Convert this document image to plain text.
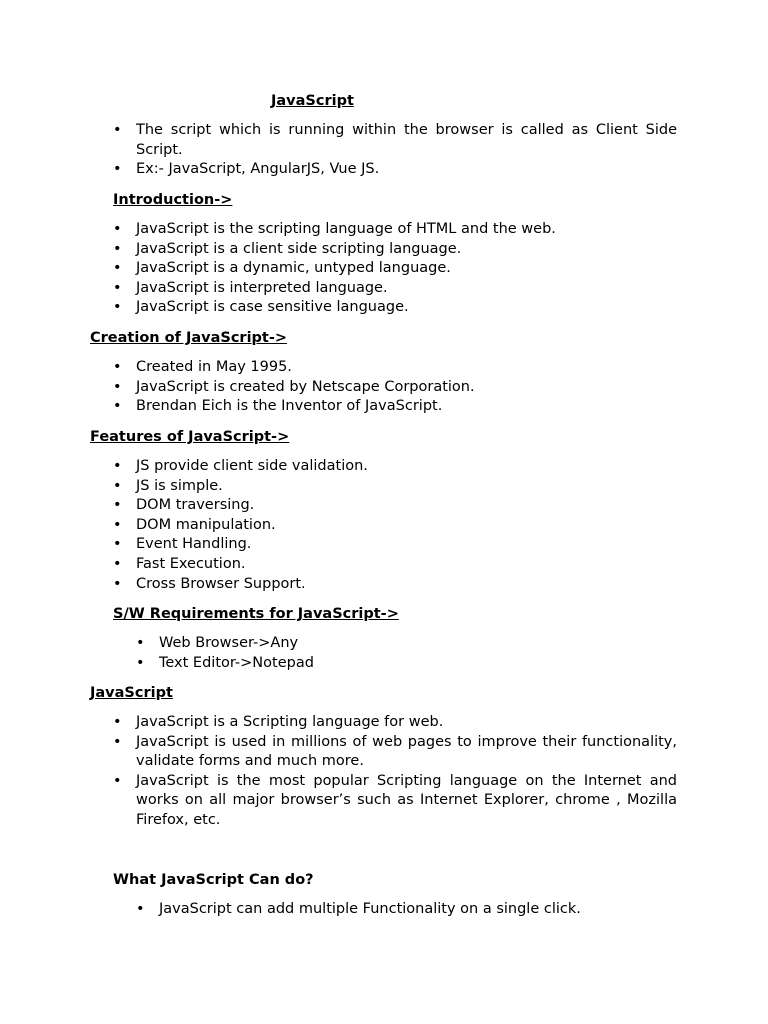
JavaScript
• The script which is running within the browser is called as Client Side Script.
• Ex:- JavaScript, AngularJS, Vue JS.
Introduction->
• JavaScript is the scripting language of HTML and the web.
• JavaScript is a client side scripting language.
• JavaScript is a dynamic, untyped language.
• JavaScript is interpreted language.
• JavaScript is case sensitive language.
Creation of JavaScript->
• Created in May 1995.
• JavaScript is created by Netscape Corporation.
• Brendan Eich is the Inventor of JavaScript.
Features of JavaScript->
• JS provide client side validation.
• JS is simple.
• DOM traversing.
• DOM manipulation.
• Event Handling.
• Fast Execution.
• Cross Browser Support.
S/W Requirements for JavaScript->
• Web Browser->Any
• Text Editor->Notepad
JavaScript
• JavaScript is a Scripting language for web.
• JavaScript is used in millions of web pages to improve their functionality, validate forms and much more.
• JavaScript is the most popular Scripting language on the Internet and works on all major browser’s such as Internet Explorer, chrome , Mozilla Firefox, etc.
What JavaScript Can do?
• JavaScript can add multiple Functionality on a single click.
